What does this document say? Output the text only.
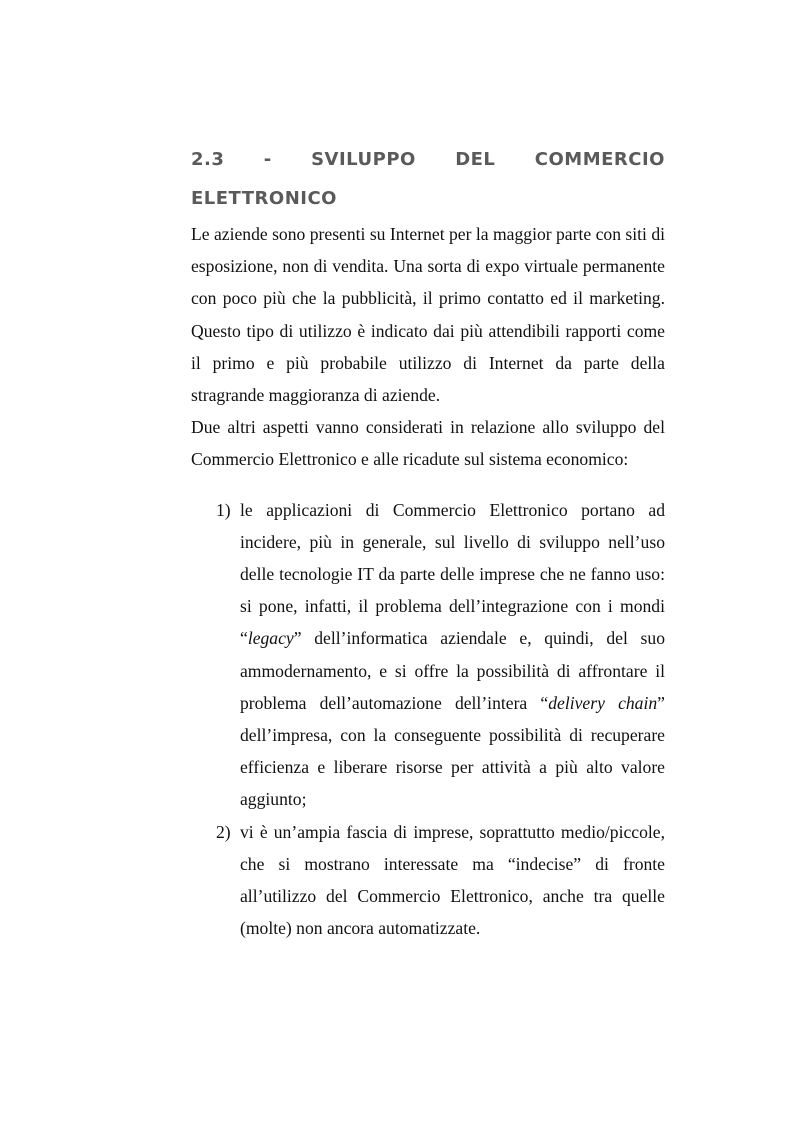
2.3 - SVILUPPO DEL COMMERCIO
ELETTRONICO

Le aziende sono presenti su Internet per la maggior parte con siti di esposizione, non di vendita. Una sorta di expo virtuale permanente con poco più che la pubblicità, il primo contatto ed il marketing. Questo tipo di utilizzo è indicato dai più attendibili rapporti come il primo e più probabile utilizzo di Internet da parte della stragrande maggioranza di aziende.

Due altri aspetti vanno considerati in relazione allo sviluppo del Commercio Elettronico e alle ricadute sul sistema economico:

1) le applicazioni di Commercio Elettronico portano ad incidere, più in generale, sul livello di sviluppo nell’uso delle tecnologie IT da parte delle imprese che ne fanno uso: si pone, infatti, il problema dell’integrazione con i mondi “legacy” dell’informatica aziendale e, quindi, del suo ammodernamento, e si offre la possibilità di affrontare il problema dell’automazione dell’intera “delivery chain” dell’impresa, con la conseguente possibilità di recuperare efficienza e liberare risorse per attività a più alto valore aggiunto;
2) vi è un’ampia fascia di imprese, soprattutto medio/piccole, che si mostrano interessate ma “indecise” di fronte all’utilizzo del Commercio Elettronico, anche tra quelle (molte) non ancora automatizzate.
